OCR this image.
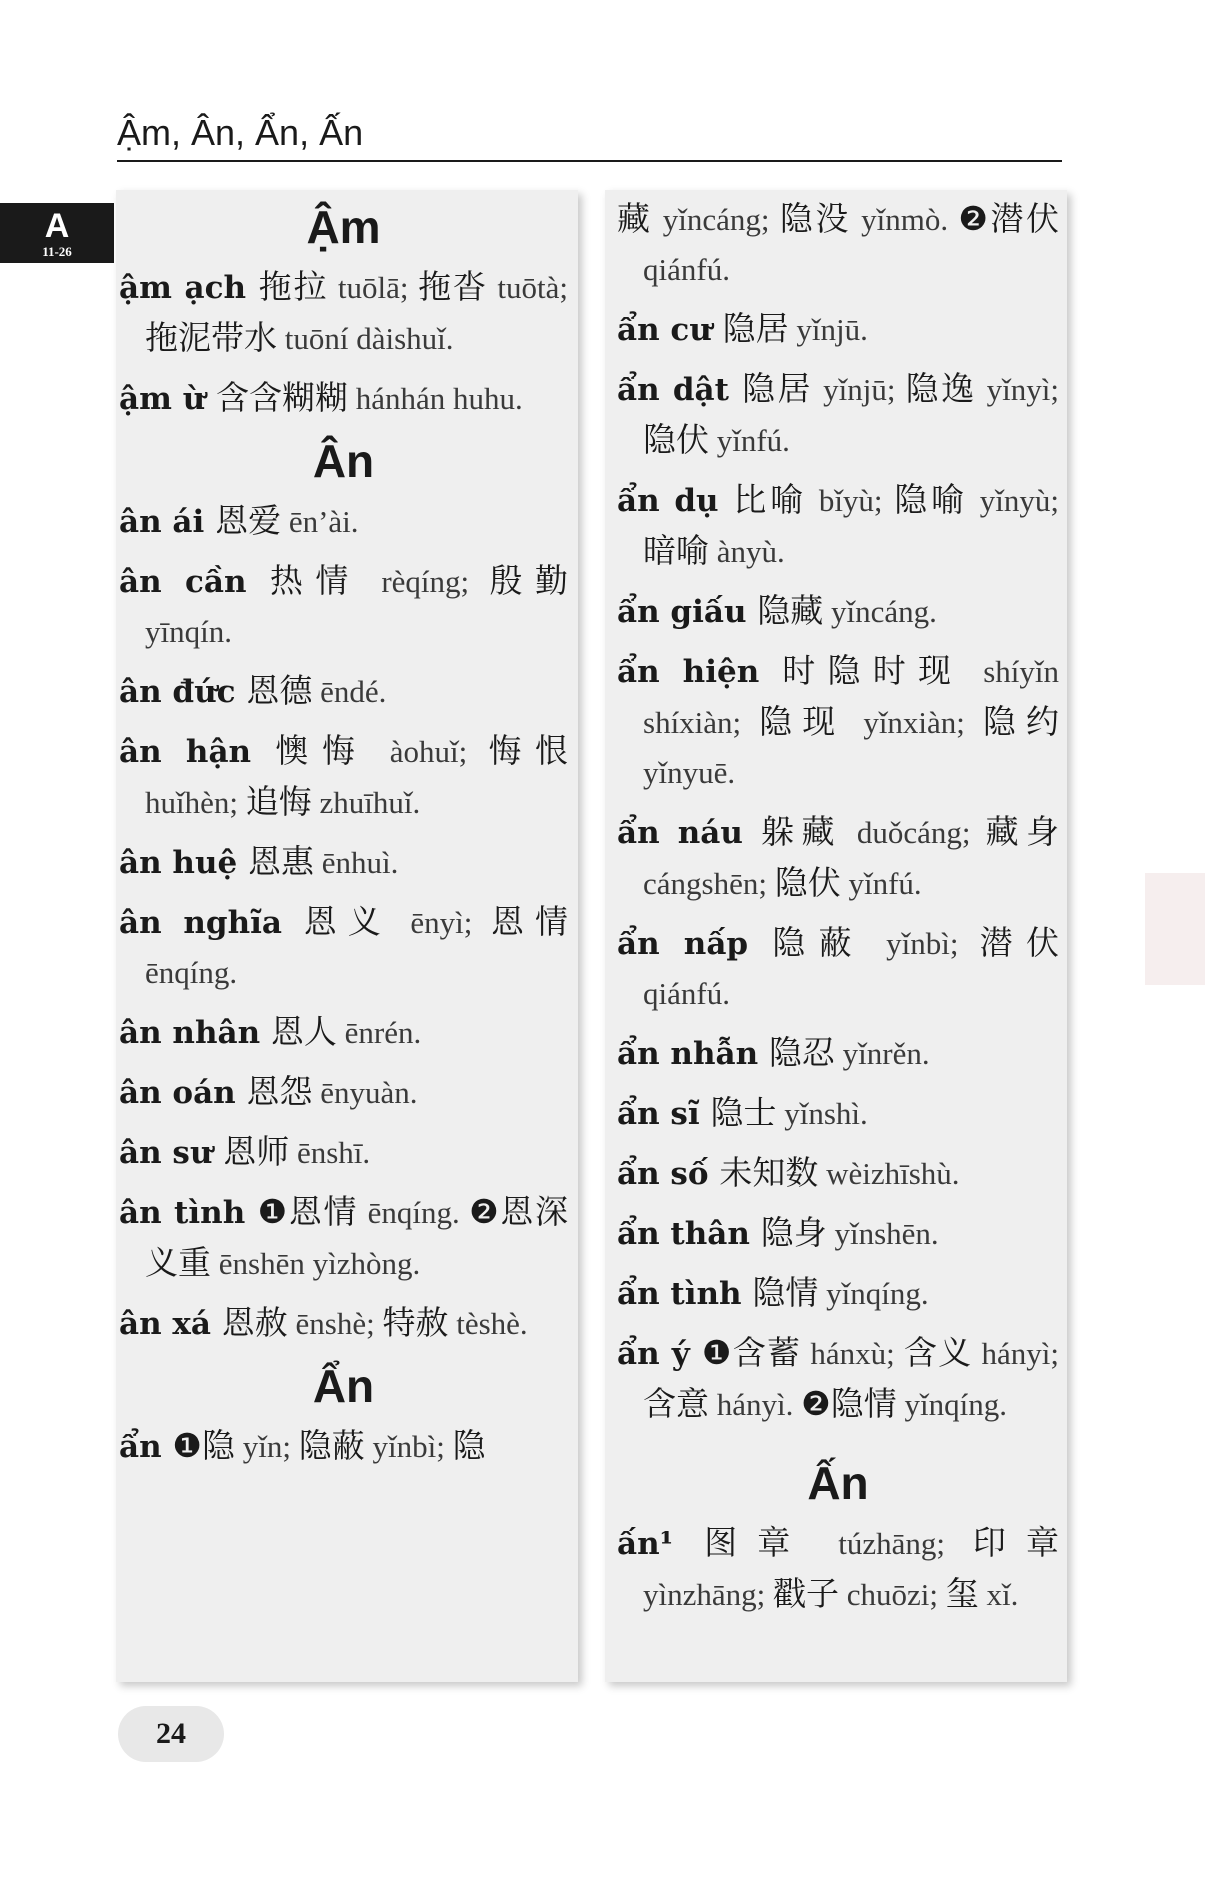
Ậm, Ân, Ẩn, Ấn
A
11-26	Ậm
ậm ạch 拖拉 tuōlā; 拖沓 tuōtà; 拖泥带水 tuōní dàishuǐ.
ậm ừ 含含糊糊 hánhán huhu.
Ân
ân ái 恩爱 ēn’ài.
ân cần 热情 rèqíng; 殷勤 yīnqín.
ân đức 恩德 ēndé.
ân hận 懊悔 àohuǐ; 悔恨 huǐhèn; 追悔 zhuīhuǐ.
ân huệ 恩惠 ēnhuì.
ân nghĩa 恩义 ēnyì; 恩情 ēnqíng.
ân nhân 恩人 ēnrén.
ân oán 恩怨 ēnyuàn.
ân sư 恩师 ēnshī.
ân tình ❶恩情 ēnqíng. ❷恩深义重 ēnshēn yìzhòng.
ân xá 恩赦 ēnshè; 特赦 tèshè.
Ẩn
ẩn ❶隐 yǐn; 隐蔽 yǐnbì; 隐
藏 yǐncáng; 隐没 yǐnmò. ❷潜伏 qiánfú.
ẩn cư 隐居 yǐnjū.
ẩn dật 隐居 yǐnjū; 隐逸 yǐnyì; 隐伏 yǐnfú.
ẩn dụ 比喻 bǐyù; 隐喻 yǐnyù; 暗喻 ànyù.
ẩn giấu 隐藏 yǐncáng.
ẩn hiện 时隐时现 shíyǐn shíxiàn; 隐现 yǐnxiàn; 隐约 yǐnyuē.
ẩn náu 躲藏 duǒcáng; 藏身 cángshēn; 隐伏 yǐnfú.
ẩn nấp 隐蔽 yǐnbì; 潜伏 qiánfú.
ẩn nhẫn 隐忍 yǐnrěn.
ẩn sĩ 隐士 yǐnshì.
ẩn số 未知数 wèizhīshù.
ẩn thân 隐身 yǐnshēn.
ẩn tình 隐情 yǐnqíng.
ẩn ý ❶含蓄 hánxù; 含义 hányì; 含意 hányì. ❷隐情 yǐnqíng.
Ấn
ấn¹ 图章 túzhāng; 印章 yìnzhāng; 戳子 chuōzi; 玺 xǐ.
24
